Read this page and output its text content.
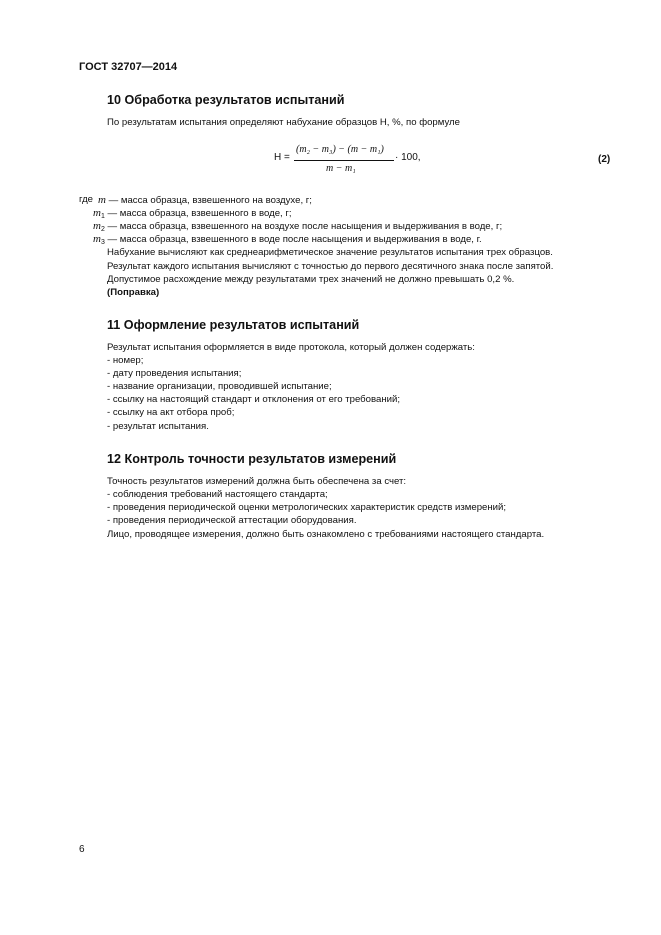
ГОСТ 32707—2014
10 Обработка результатов испытаний
По результатам испытания определяют набухание образцов H, %, по формуле
H =
(m₂ − m₃) − (m − m₁)
m − m₁
· 100,	(2)
где m — масса образца, взвешенного на воздухе, г;
$m_1$ — масса образца, взвешенного в воде, г;
$m_2$ — масса образца, взвешенного на воздухе после насыщения и выдерживания в воде, г;
$m_3$ — масса образца, взвешенного в воде после насыщения и выдерживания в воде, г.
Набухание вычисляют как среднеарифметическое значение результатов испытания трех образцов.
Результат каждого испытания вычисляют с точностью до первого десятичного знака после запятой.
Допустимое расхождение между результатами трех значений не должно превышать 0,2 %.
(Поправка)
11 Оформление результатов испытаний
Результат испытания оформляется в виде протокола, который должен содержать:
- номер;
- дату проведения испытания;
- название организации, проводившей испытание;
- ссылку на настоящий стандарт и отклонения от его требований;
- ссылку на акт отбора проб;
- результат испытания.
12 Контроль точности результатов измерений
Точность результатов измерений должна быть обеспечена за счет:
- соблюдения требований настоящего стандарта;
- проведения периодической оценки метрологических характеристик средств измерений;
- проведения периодической аттестации оборудования.
Лицо, проводящее измерения, должно быть ознакомлено с требованиями настоящего стандарта.
6
